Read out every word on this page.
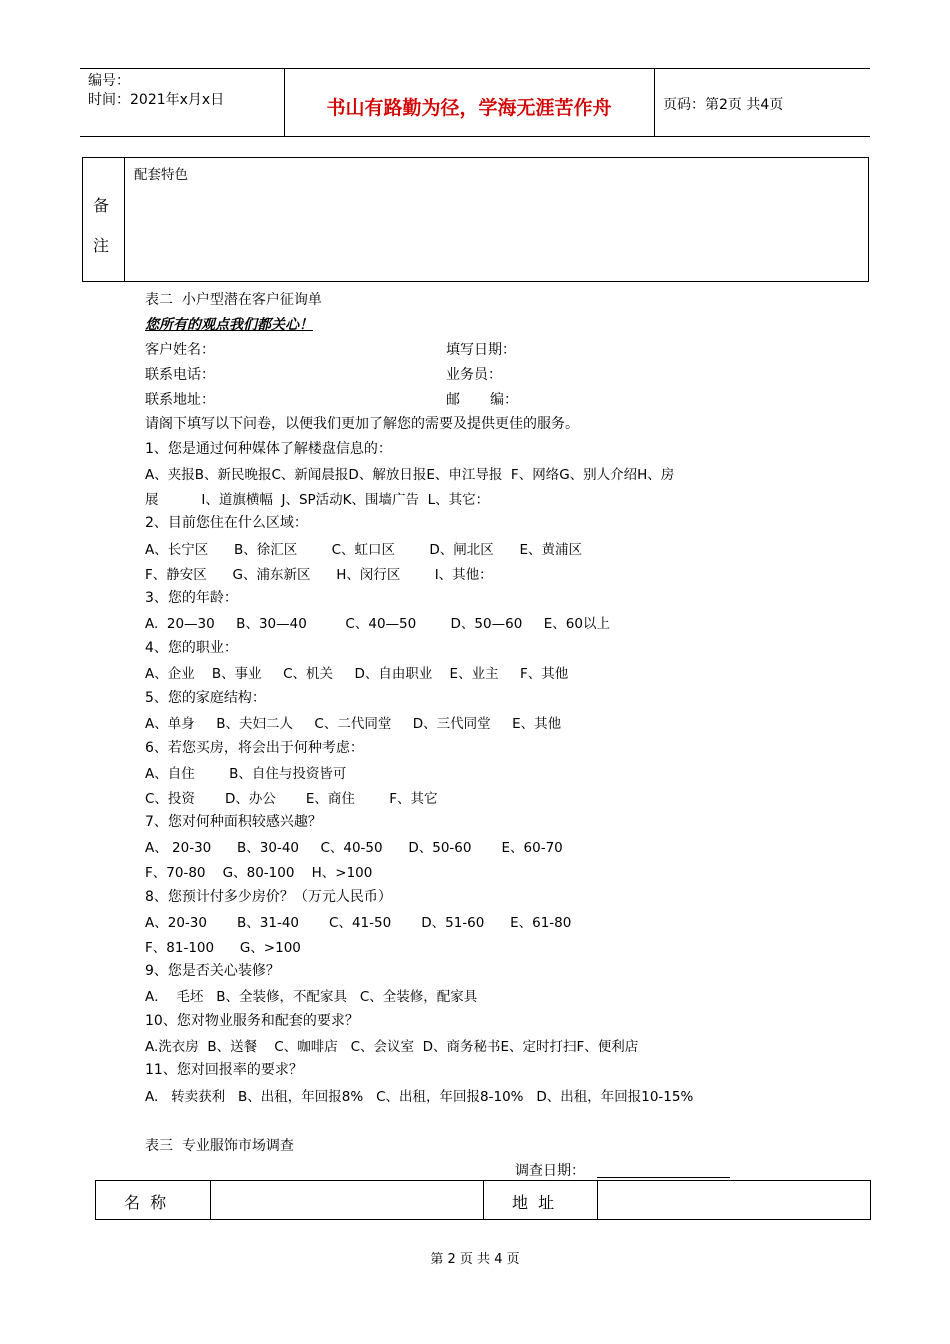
编号：
时间：2021年x月x日	书山有路勤为径，学海无涯苦作舟	页码：第2页 共4页
备
注
配套特色
表二  小户型潜在客户征询单
您所有的观点我们都关心！
客户姓名：	填写日期：
联系电话：	业务员：
联系地址：	邮 编：
请阁下填写以下问卷，以便我们更加了解您的需要及提供更佳的服务。
1、您是通过何种媒体了解楼盘信息的：
A、夹报B、新民晚报C、新闻晨报D、解放日报E、申江导报  F、网络G、别人介绍H、房
展          I、道旗横幅  J、SP活动K、围墙广告  L、其它：
2、目前您住在什么区域：
A、长宁区      B、徐汇区        C、虹口区        D、闸北区      E、黄浦区
F、静安区      G、浦东新区      H、闵行区        I、其他：
3、您的年龄：
A.  20—30     B、30—40         C、40—50        D、50—60     E、60以上
4、您的职业：
A、企业    B、事业     C、机关     D、自由职业    E、业主     F、其他
5、您的家庭结构：
A、单身     B、夫妇二人     C、二代同堂     D、三代同堂     E、其他
6、若您买房，将会出于何种考虑：
A、自住        B、自住与投资皆可
C、投资       D、办公       E、商住        F、其它
7、您对何种面积较感兴趣？
A、 20-30      B、30-40     C、40-50      D、50-60       E、60-70
F、70-80    G、80-100    H、>100
8、您预计付多少房价？（万元人民币）
A、20-30       B、31-40       C、41-50       D、51-60      E、61-80
F、81-100      G、>100
9、您是否关心装修？
A．  毛坯   B、全装修，不配家具   C、全装修，配家具
10、您对物业服务和配套的要求？
A.洗衣房  B、送餐    C、咖啡店   C、会议室  D、商务秘书E、定时打扫F、便利店
11、您对回报率的要求？
A.   转卖获利   B、出租，年回报8%   C、出租，年回报8-10%   D、出租，年回报10-15%
表三  专业服饰市场调查
调查日期：
名  称	地  址
第 2 页 共 4 页
